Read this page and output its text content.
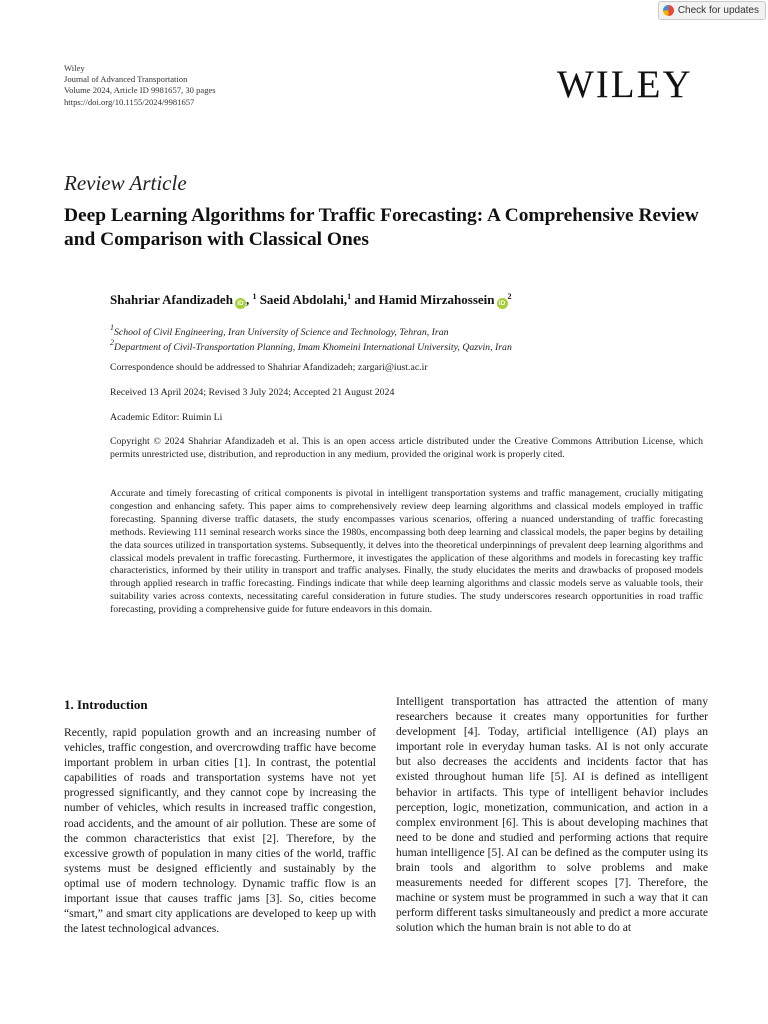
Check for updates
Wiley
Journal of Advanced Transportation
Volume 2024, Article ID 9981657, 30 pages
https://doi.org/10.1155/2024/9981657	WILEY
Review Article
Deep Learning Algorithms for Traffic Forecasting: A Comprehensive Review and Comparison with Classical Ones
Shahriar Afandizadeh iD , $^1$ Saeid Abdolahi,$^1$ and Hamid Mirzahossein $iD^2$
$^1$School of Civil Engineering, Iran University of Science and Technology, Tehran, Iran
$^2$Department of Civil-Transportation Planning, Imam Khomeini International University, Qazvin, Iran
Correspondence should be addressed to Shahriar Afandizadeh; zargari@iust.ac.ir
Received 13 April 2024; Revised 3 July 2024; Accepted 21 August 2024
Academic Editor: Ruimin Li
Copyright © 2024 Shahriar Afandizadeh et al. This is an open access article distributed under the Creative Commons Attribution License, which permits unrestricted use, distribution, and reproduction in any medium, provided the original work is properly cited.
Accurate and timely forecasting of critical components is pivotal in intelligent transportation systems and traffic management, crucially mitigating congestion and enhancing safety. This paper aims to comprehensively review deep learning algorithms and classical models employed in traffic forecasting. Spanning diverse traffic datasets, the study encompasses various scenarios, offering a nuanced understanding of traffic forecasting methods. Reviewing 111 seminal research works since the 1980s, encompassing both deep learning and classical models, the paper begins by detailing the data sources utilized in transportation systems. Subsequently, it delves into the theoretical underpinnings of prevalent deep learning algorithms and classical models prevalent in traffic forecasting. Furthermore, it investigates the application of these algorithms and models in forecasting key traffic characteristics, informed by their utility in transport and traffic analyses. Finally, the study elucidates the merits and drawbacks of proposed models through applied research in traffic forecasting. Findings indicate that while deep learning algorithms and classic models serve as valuable tools, their suitability varies across contexts, necessitating careful consideration in future studies. The study underscores research opportunities in road traffic forecasting, providing a comprehensive guide for future endeavors in this domain.
1. Introduction
Recently, rapid population growth and an increasing number of vehicles, traffic congestion, and overcrowding traffic have become important problem in urban cities [1]. In contrast, the potential capabilities of roads and transportation systems have not yet progressed significantly, and they cannot cope by increasing the number of vehicles, which results in increased traffic congestion, road accidents, and the amount of air pollution. These are some of the common characteristics that exist [2]. Therefore, by the excessive growth of population in many cities of the world, traffic systems must be designed efficiently and sustainably by the optimal use of modern technology. Dynamic traffic flow is an important issue that causes traffic jams [3]. So, cities become “smart,” and smart city applications are developed to keep up with the latest technological advances.
Intelligent transportation has attracted the attention of many researchers because it creates many opportunities for further development [4]. Today, artificial intelligence (AI) plays an important role in everyday human tasks. AI is not only accurate but also decreases the accidents and incidents factor that has existed throughout human life [5]. AI is defined as intelligent behavior in artifacts. This type of intelligent behavior includes perception, logic, monetization, communication, and action in a complex environment [6]. This is about developing machines that need to be done and studied and performing actions that require human intelligence [5]. AI can be defined as the computer using its brain tools and algorithm to solve problems and make measurements needed for different scopes [7]. Therefore, the machine or system must be programmed in such a way that it can perform different tasks simultaneously and predict a more accurate solution which the human brain is not able to do at
